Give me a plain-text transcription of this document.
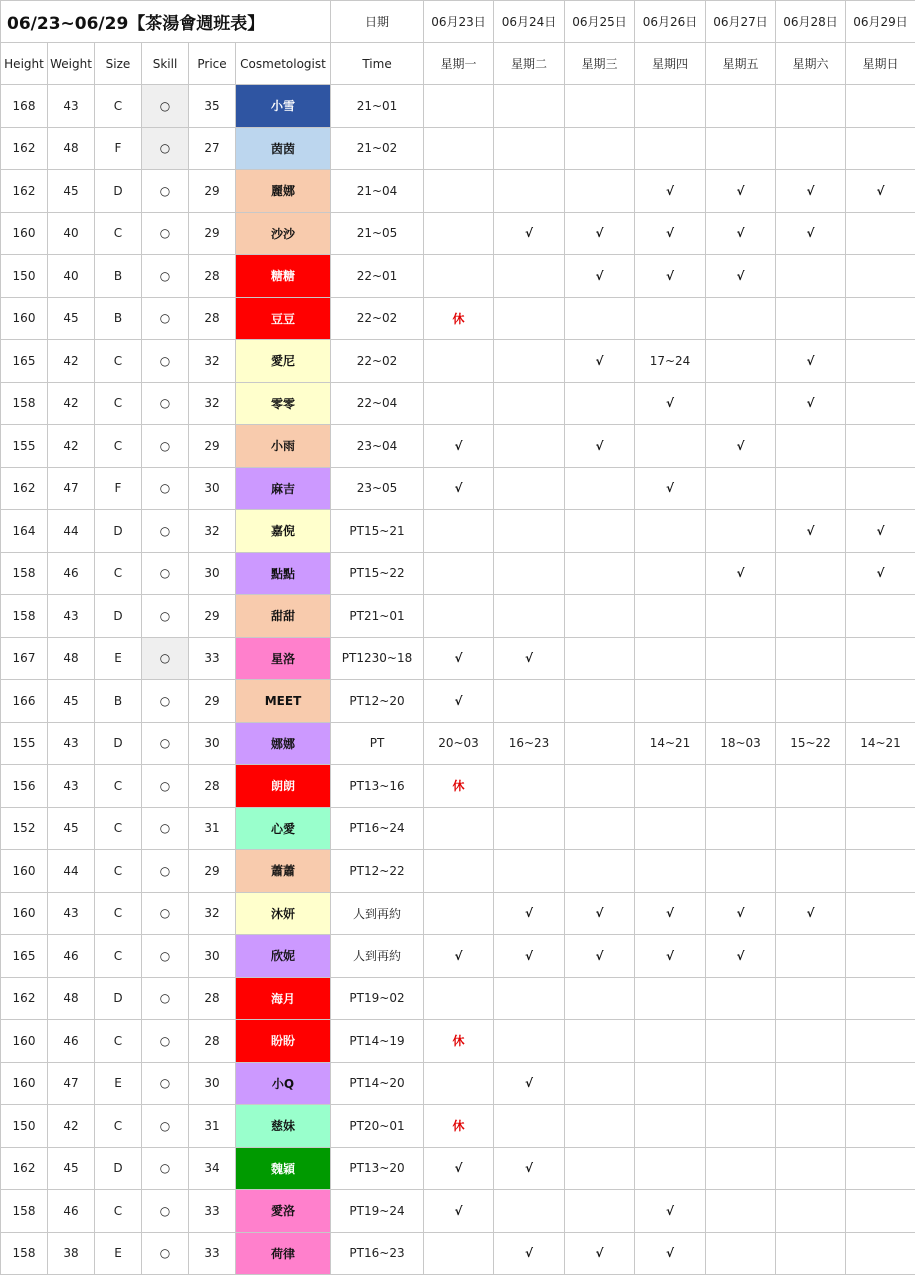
06/23~06/29【茶湯會週班表】						日期	06月23日	06月24日	06月25日	06月26日	06月27日	06月28日	06月29日
Height	Weight	Size	Skill	Price	Cosmetologist	Time	星期一	星期二	星期三	星期四	星期五	星期六	星期日
168	43	C	○	35	小雪	21~01							
162	48	F	○	27	茵茵	21~02							
162	45	D	○	29	麗娜	21~04				√	√	√	√
160	40	C	○	29	沙沙	21~05		√	√	√	√	√	
150	40	B	○	28	糖糖	22~01			√	√	√		
160	45	B	○	28	豆豆	22~02	休						
165	42	C	○	32	愛尼	22~02			√	17~24		√	
158	42	C	○	32	零零	22~04				√		√	
155	42	C	○	29	小雨	23~04	√		√		√		
162	47	F	○	30	麻吉	23~05	√			√			
164	44	D	○	32	嘉倪	PT15~21						√	√
158	46	C	○	30	點點	PT15~22					√		√
158	43	D	○	29	甜甜	PT21~01							
167	48	E	○	33	星洛	PT1230~18	√	√					
166	45	B	○	29	MEET	PT12~20	√						
155	43	D	○	30	娜娜	PT	20~03	16~23		14~21	18~03	15~22	14~21
156	43	C	○	28	朗朗	PT13~16	休						
152	45	C	○	31	心愛	PT16~24							
160	44	C	○	29	蕭蕭	PT12~22							
160	43	C	○	32	沐妍	人到再約		√	√	√	√	√	
165	46	C	○	30	欣妮	人到再約	√	√	√	√	√		
162	48	D	○	28	海月	PT19~02							
160	46	C	○	28	盼盼	PT14~19	休						
160	47	E	○	30	小Q	PT14~20		√					
150	42	C	○	31	慈妹	PT20~01	休						
162	45	D	○	34	魏穎	PT13~20	√	√					
158	46	C	○	33	愛洛	PT19~24	√			√			
158	38	E	○	33	荷律	PT16~23		√	√	√			
